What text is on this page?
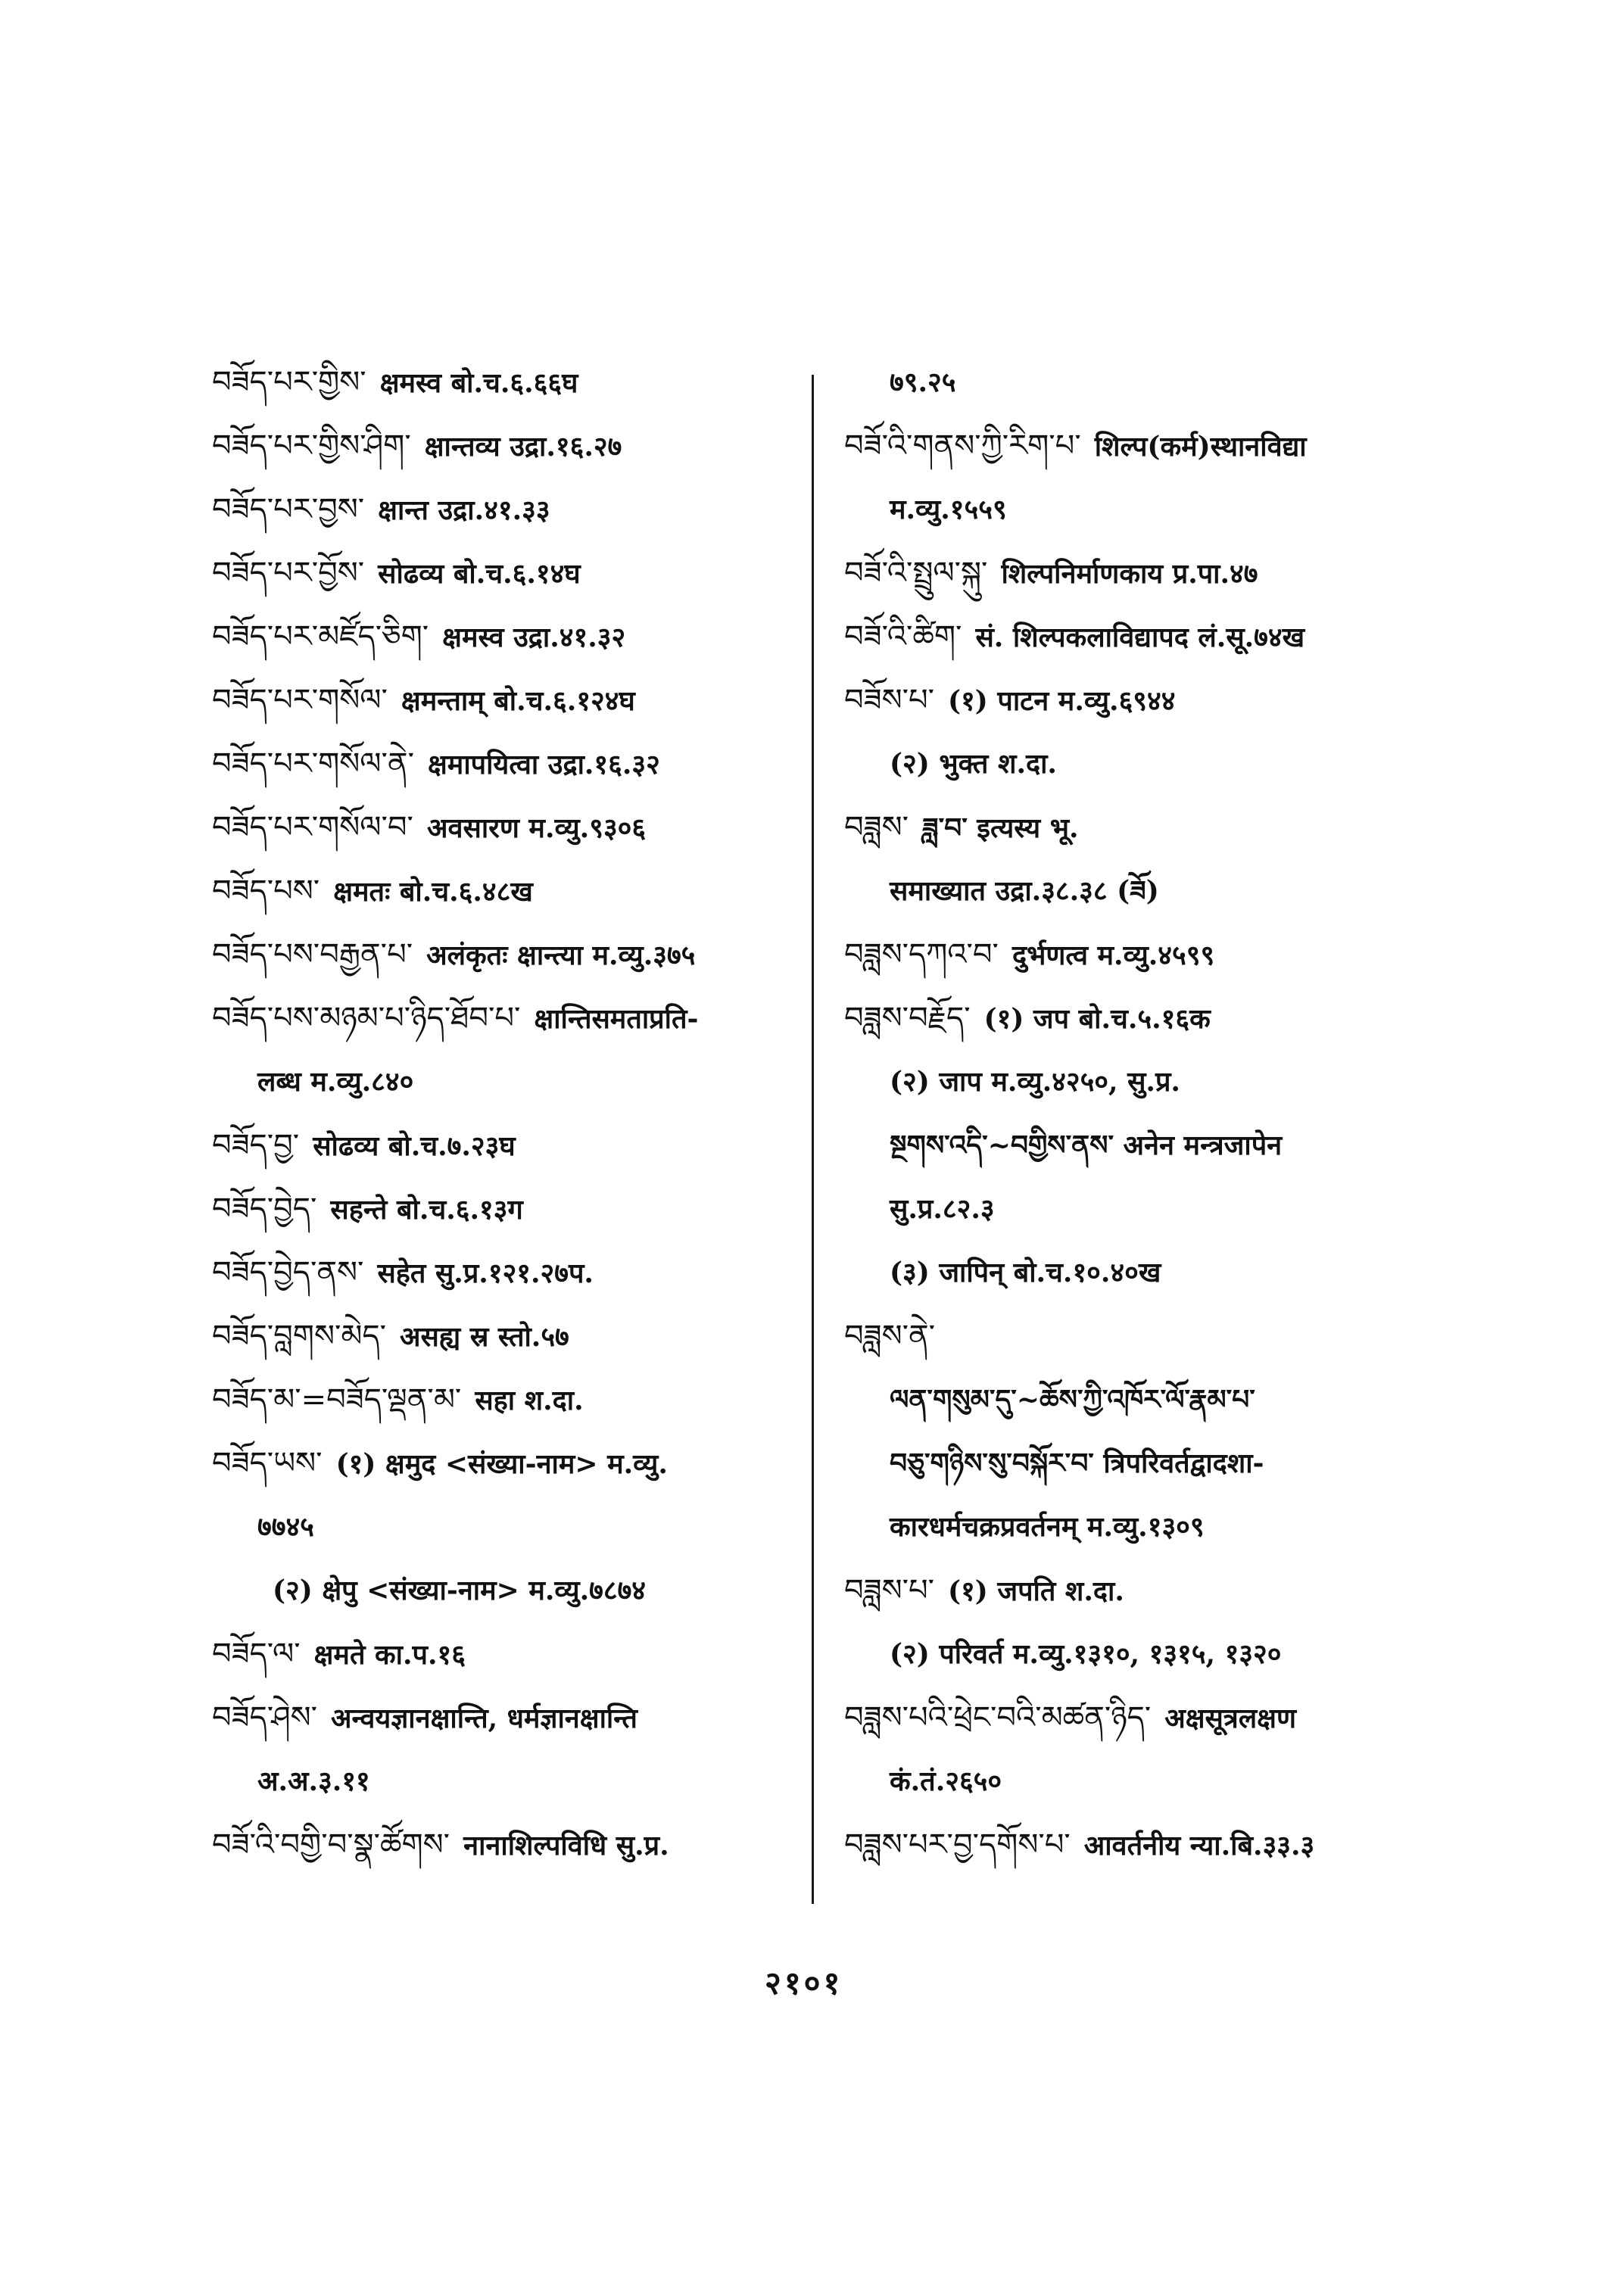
བཟོད་པར་གྱིས་ क्षमस्व बो.च.६.६६घ
བཟོད་པར་གྱིས་ཤིག་ क्षान्तव्य उद्रा.१६.२७
བཟོད་པར་བྱས་ क्षान्त उद्रा.४१.३३
བཟོད་པར་བྱོས་ सोढव्य बो.च.६.१४घ
བཟོད་པར་མཛོད་ཅིག་ क्षमस्व उद्रा.४१.३२
བཟོད་པར་གསོལ་ क्षमन्ताम् बो.च.६.१२४घ
བཟོད་པར་གསོལ་ནེ་ क्षमापयित्वा उद्रा.१६.३२
བཟོད་པར་གསོལ་བ་ अवसारण म.व्यु.९३०६
བཟོད་པས་ क्षमतः बो.च.६.४८ख
བཟོད་པས་བརྒྱན་པ་ अलंकृतः क्षान्त्या म.व्यु.३७५
བཟོད་པས་མཉམ་པ་ཉིད་ཐོབ་པ་ क्षान्तिसमताप्रति-
लब्ध म.व्यु.८४०
བཟོད་བྱ་ सोढव्य बो.च.७.२३घ
བཟོད་བྱེད་ सहन्ते बो.च.६.१३ग
བཟོད་བྱེད་ནས་ सहेत सु.प्र.१२१.२७प.
བཟོད་བླགས་མེད་ असह्य स्र स्तो.५७
བཟོད་མ་=བཟོད་ལྡན་མ་ सहा श.दा.
བཟོད་ཡས་ (१) क्षमुद <संख्या-नाम> म.व्यु.
७७४५
(२) क्षेपु <संख्या-नाम> म.व्यु.७८७४
བཟོད་ལ་ क्षमते का.प.१६
བཟོད་ཤེས་ अन्वयज्ञानक्षान्ति, धर्मज्ञानक्षान्ति
अ.अ.३.११
བཟོ་འི་བགྱི་བ་སྣ་ཚོགས་ नानाशिल्पविधि सु.प्र.
७९.२५
བཟོ་འི་གནས་ཀྱི་རིག་པ་ शिल्प(कर्म)स्थानविद्या
म.व्यु.१५५९
བཟོ་འི་སྤྲུལ་སྐུ་ शिल्पनिर्माणकाय प्र.पा.४७
བཟོ་འི་ཚིག་ सं. शिल्पकलाविद्यापद लं.सू.७४ख
བཟོས་པ་ (१) पाटन म.व्यु.६९४४
(२) भुक्त श.दा.
བཟླས་ ཟླ་བ་ इत्यस्य भू.
समाख्यात उद्रा.३८.३८ (ཟོ)
བཟླས་དཀའ་བ་ दुर्भणत्व म.व्यु.४५९९
བཟླས་བརྗོད་ (१) जप बो.च.५.१६क
(२) जाप म.व्यु.४२५०, सु.प्र.
སྔགས་འདི་~བགྱིས་ནས་ अनेन मन्त्रजापेन
सु.प्र.८२.३
(३) जापिन् बो.च.१०.४०ख
བཟླས་ནེ་
ལན་གསུམ་དུ་~ཆོས་ཀྱི་འཁོར་ལོ་རྣམ་པ་
བཅུ་གཉིས་སུ་བསྐོར་བ་ त्रिपरिवर्तद्वादशा-
कारधर्मचक्रप्रवर्तनम् म.व्यु.१३०९
བཟླས་པ་ (१) जपति श.दा.
(२) परिवर्त म.व्यु.१३१०, १३१५, १३२०
བཟླས་པའི་ཕྲེང་བའི་མཚན་ཉིད་ अक्षसूत्रलक्षण
कं.तं.२६५०
བཟླས་པར་བྱ་དགོས་པ་ आवर्तनीय न्या.बि.३३.३
२१०१
